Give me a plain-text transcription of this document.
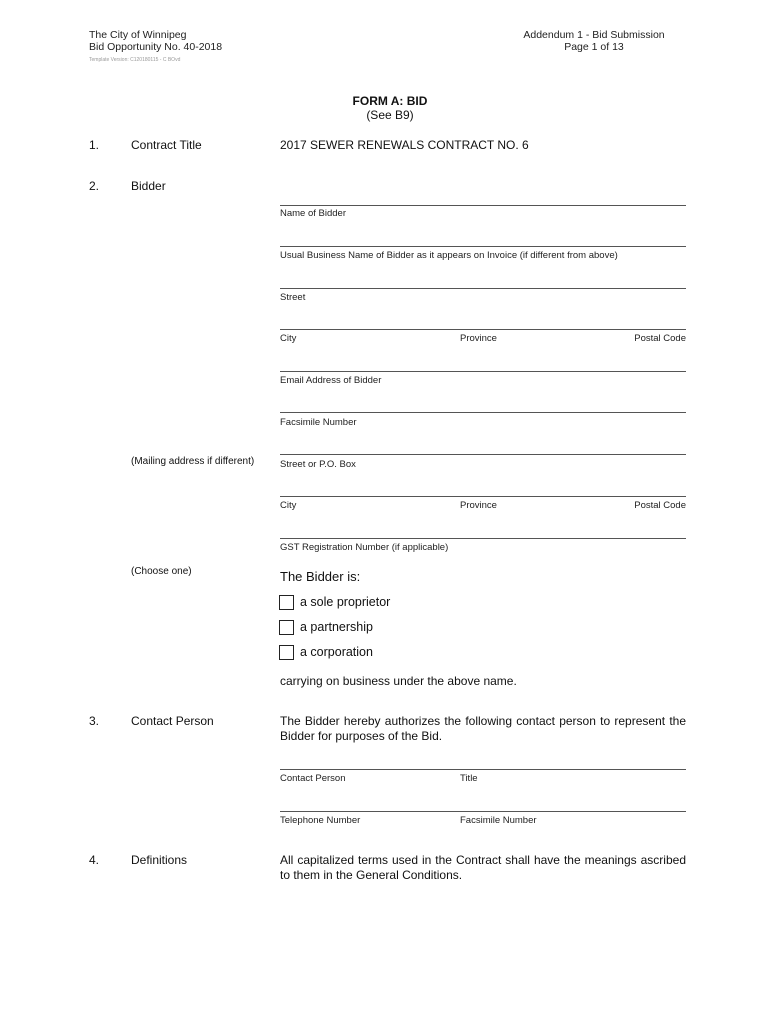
The City of Winnipeg
Bid Opportunity No. 40-2018
Template Version: C120180115 - C BOvd
Addendum 1 - Bid Submission
Page 1 of 13
FORM A: BID
(See B9)
1.	Contract Title	2017 SEWER RENEWALS CONTRACT NO. 6
2.	Bidder
Name of Bidder
Usual Business Name of Bidder as it appears on Invoice (if different from above)
Street
City	Province	Postal Code
Email Address of Bidder
Facsimile Number
(Mailing address if different)	Street or P.O. Box
City	Province	Postal Code
GST Registration Number (if applicable)
(Choose one)	The Bidder is:
a sole proprietor
a partnership
a corporation
carrying on business under the above name.
3.	Contact Person	The Bidder hereby authorizes the following contact person to represent the Bidder for purposes of the Bid.
Contact Person	Title
Telephone Number	Facsimile Number
4.	Definitions	All capitalized terms used in the Contract shall have the meanings ascribed to them in the General Conditions.
